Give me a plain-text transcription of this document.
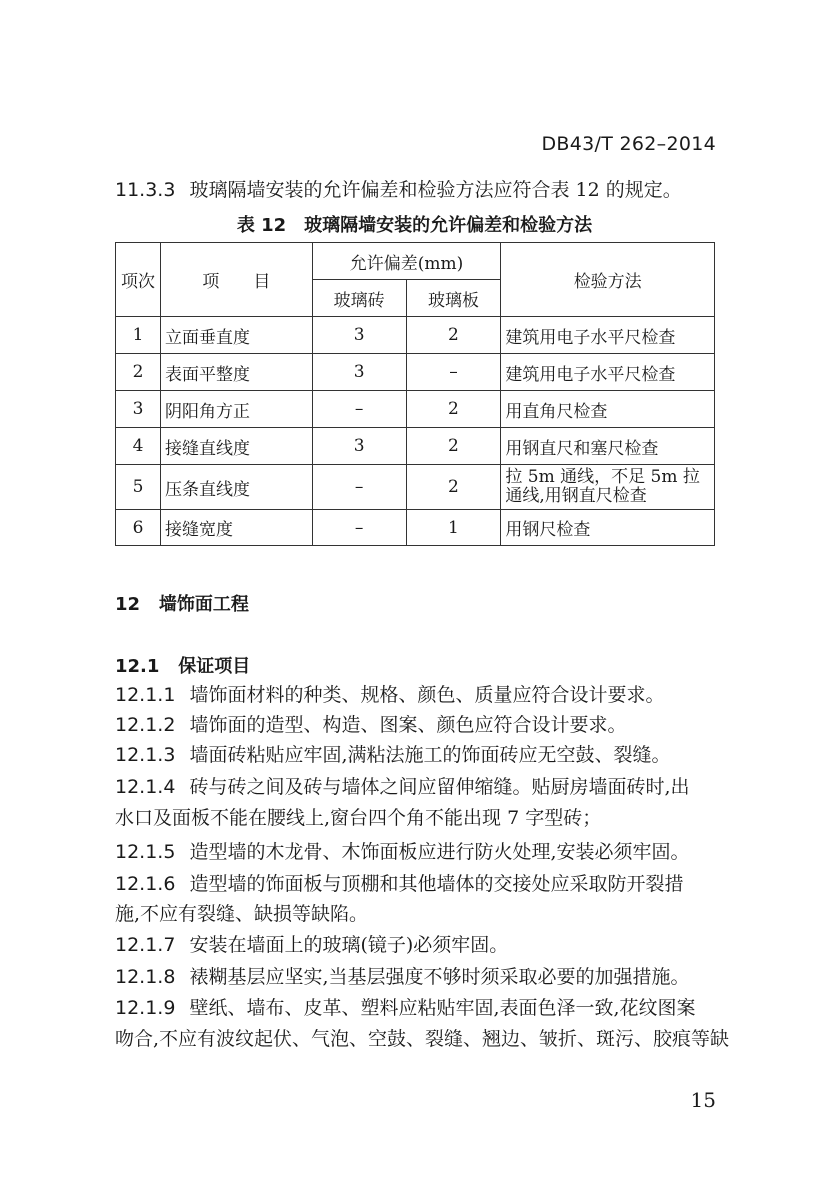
DB43/T 262–2014
11.3.3 玻璃隔墙安装的允许偏差和检验方法应符合表 12 的规定。
表 12　玻璃隔墙安装的允许偏差和检验方法
项次	项　　目	允许偏差(mm)		检验方法
		玻璃砖	玻璃板	
1	立面垂直度	3	2	建筑用电子水平尺检查
2	表面平整度	3	–	建筑用电子水平尺检查
3	阴阳角方正	–	2	用直角尺检查
4	接缝直线度	3	2	用钢直尺和塞尺检查
5	压条直线度	–	2	拉 5m 通线，不足 5m 拉通线,用钢直尺检查
6	接缝宽度	–	1	用钢尺检查
12 墙饰面工程
12.1 保证项目
12.1.1 墙饰面材料的种类、规格、颜色、质量应符合设计要求。
12.1.2 墙饰面的造型、构造、图案、颜色应符合设计要求。
12.1.3 墙面砖粘贴应牢固,满粘法施工的饰面砖应无空鼓、裂缝。
12.1.4 砖与砖之间及砖与墙体之间应留伸缩缝。贴厨房墙面砖时,出
水口及面板不能在腰线上,窗台四个角不能出现 7 字型砖；
12.1.5 造型墙的木龙骨、木饰面板应进行防火处理,安装必须牢固。
12.1.6 造型墙的饰面板与顶棚和其他墙体的交接处应采取防开裂措
施,不应有裂缝、缺损等缺陷。
12.1.7 安装在墙面上的玻璃(镜子)必须牢固。
12.1.8 裱糊基层应坚实,当基层强度不够时须采取必要的加强措施。
12.1.9 壁纸、墙布、皮革、塑料应粘贴牢固,表面色泽一致,花纹图案
吻合,不应有波纹起伏、气泡、空鼓、裂缝、翘边、皱折、斑污、胶痕等缺
15
